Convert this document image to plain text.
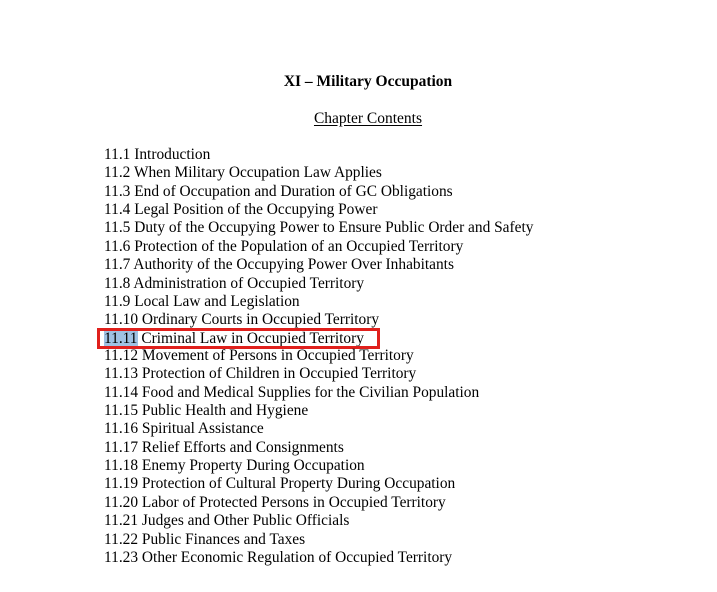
XI – Military Occupation
Chapter Contents
11.1 Introduction
11.2 When Military Occupation Law Applies
11.3 End of Occupation and Duration of GC Obligations
11.4 Legal Position of the Occupying Power
11.5 Duty of the Occupying Power to Ensure Public Order and Safety
11.6 Protection of the Population of an Occupied Territory
11.7 Authority of the Occupying Power Over Inhabitants
11.8 Administration of Occupied Territory
11.9 Local Law and Legislation
11.10 Ordinary Courts in Occupied Territory
11.11 Criminal Law in Occupied Territory
11.12 Movement of Persons in Occupied Territory
11.13 Protection of Children in Occupied Territory
11.14 Food and Medical Supplies for the Civilian Population
11.15 Public Health and Hygiene
11.16 Spiritual Assistance
11.17 Relief Efforts and Consignments
11.18 Enemy Property During Occupation
11.19 Protection of Cultural Property During Occupation
11.20 Labor of Protected Persons in Occupied Territory
11.21 Judges and Other Public Officials
11.22 Public Finances and Taxes
11.23 Other Economic Regulation of Occupied Territory
